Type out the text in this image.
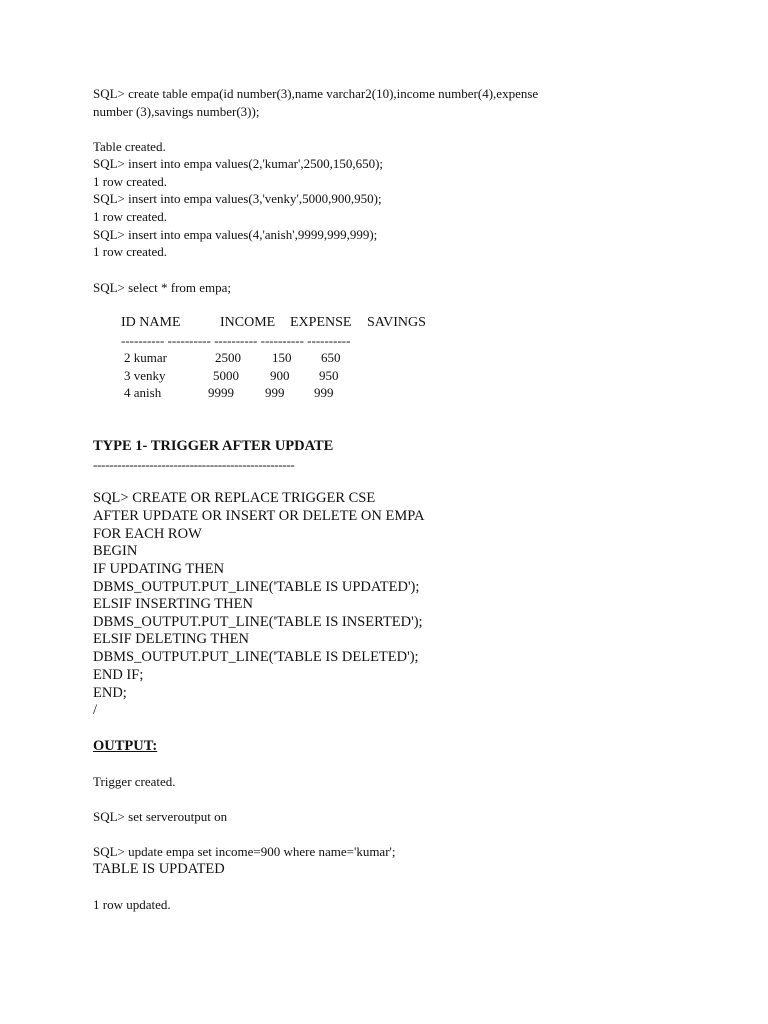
SQL> create table empa(id number(3),name varchar2(10),income number(4),expense
number (3),savings number(3));
Table created.
SQL> insert into empa values(2,'kumar',2500,150,650);
1 row created.
SQL> insert into empa values(3,'venky',5000,900,950);
1 row created.
SQL> insert into empa values(4,'anish',9999,999,999);
1 row created.
SQL> select * from empa;
ID NAME	INCOME EXPENSE SAVINGS
---------- ---------- ---------- ---------- ----------
2 kumar	2500 150 650
3 venky	5000 900 950
4 anish	9999 999 999
TYPE 1- TRIGGER AFTER UPDATE
--------------------------------------------------
SQL> CREATE OR REPLACE TRIGGER CSE
AFTER UPDATE OR INSERT OR DELETE ON EMPA
FOR EACH ROW
BEGIN
IF UPDATING THEN
DBMS_OUTPUT.PUT_LINE('TABLE IS UPDATED');
ELSIF INSERTING THEN
DBMS_OUTPUT.PUT_LINE('TABLE IS INSERTED');
ELSIF DELETING THEN
DBMS_OUTPUT.PUT_LINE('TABLE IS DELETED');
END IF;
END;
/
OUTPUT:
Trigger created.
SQL> set serveroutput on
SQL> update empa set income=900 where name='kumar';
TABLE IS UPDATED
1 row updated.
